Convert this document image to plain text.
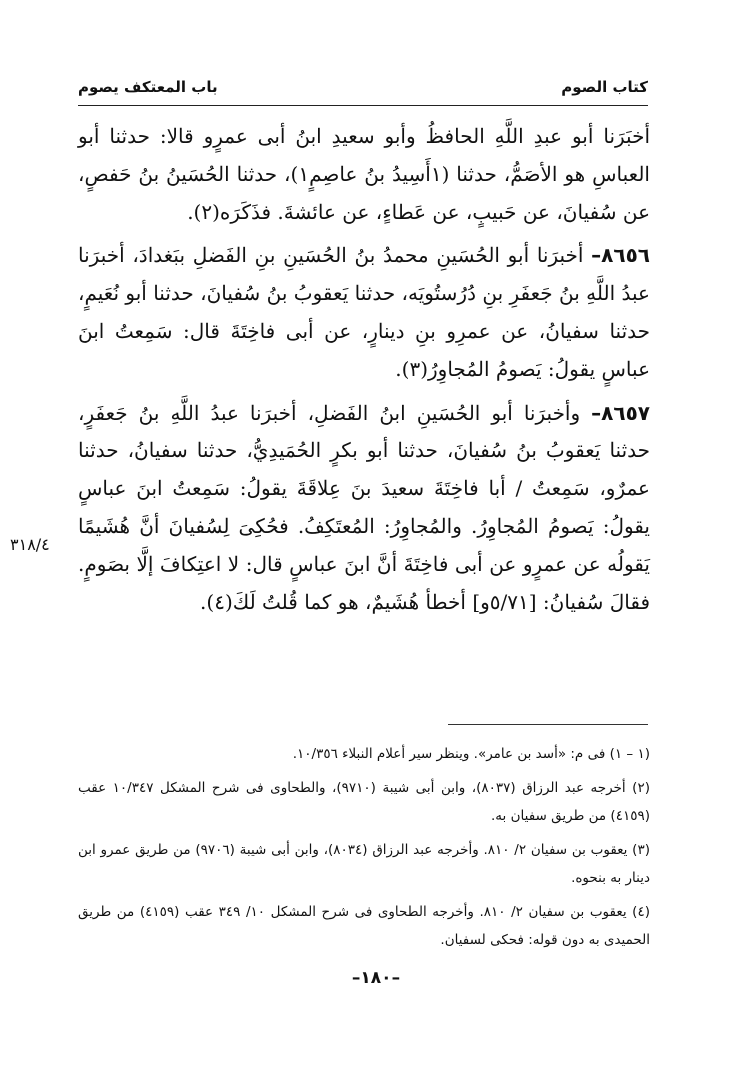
كتاب الصوم
باب المعتكف يصوم

أخبَرَنا أبو عبدِ اللَّهِ الحافظُ وأبو سعيدِ ابنُ أبى عمرٍو قالا: حدثنا أبو العباسِ هو الأصَمُّ، حدثنا (١أَسِيدُ بنُ عاصِمٍ١)، حدثنا الحُسَينُ بنُ حَفصٍ، عن سُفيانَ، عن حَبيبٍ، عن عَطاءٍ، عن عائشةَ. فذَكَرَه(٢).

٨٦٥٦– أخبرَنا أبو الحُسَينِ محمدُ بنُ الحُسَينِ بنِ الفَضلِ ببَغدادَ، أخبرَنا عبدُ اللَّهِ بنُ جَعفَرِ بنِ دُرُستُويَه، حدثنا يَعقوبُ بنُ سُفيانَ، حدثنا أبو نُعَيمٍ، حدثنا سفيانُ، عن عمرِو بنِ دينارٍ، عن أبى فاخِتَةَ قال: سَمِعتُ ابنَ عباسٍ يقولُ: يَصومُ المُجاوِرُ(٣).

٨٦٥٧– وأخبرَنا أبو الحُسَينِ ابنُ الفَضلِ، أخبرَنا عبدُ اللَّهِ بنُ جَعفَرٍ، حدثنا يَعقوبُ بنُ سُفيانَ، حدثنا أبو بكرٍ الحُمَيدِيُّ، حدثنا سفيانُ، حدثنا عمرٌو، سَمِعتُ / أبا فاخِتَةَ سعيدَ بنَ عِلاقَةَ يقولُ: سَمِعتُ ابنَ عباسٍ يقولُ: يَصومُ المُجاوِرُ. والمُجاوِرُ: المُعتَكِفُ. فحُكِىَ لِسُفيانَ أنَّ هُشَيمًا يَقولُه عن عمرٍو عن أبى فاخِتَةَ أنَّ ابنَ عباسٍ قال: لا اعتِكافَ إلَّا بصَومٍ. فقالَ سُفيانُ: [٥/٧١و] أخطأ هُشَيمٌ، هو كما قُلتُ لَكَ(٤).

٣١٨/٤

(١ – ١) فى م: «أسد بن عامر». وينظر سير أعلام النبلاء ١٠/٣٥٦.

(٢) أخرجه عبد الرزاق (٨٠٣٧)، وابن أبى شيبة (٩٧١٠)، والطحاوى فى شرح المشكل ١٠/٣٤٧ عقب (٤١٥٩) من طريق سفيان به.

(٣) يعقوب بن سفيان ٢/ ٨١٠. وأخرجه عبد الرزاق (٨٠٣٤)، وابن أبى شيبة (٩٧٠٦) من طريق عمرو ابن دينار به بنحوه.

(٤) يعقوب بن سفيان ٢/ ٨١٠. وأخرجه الطحاوى فى شرح المشكل ١٠/ ٣٤٩ عقب (٤١٥٩) من طريق الحميدى به دون قوله: فحكى لسفيان.

–١٨٠–
